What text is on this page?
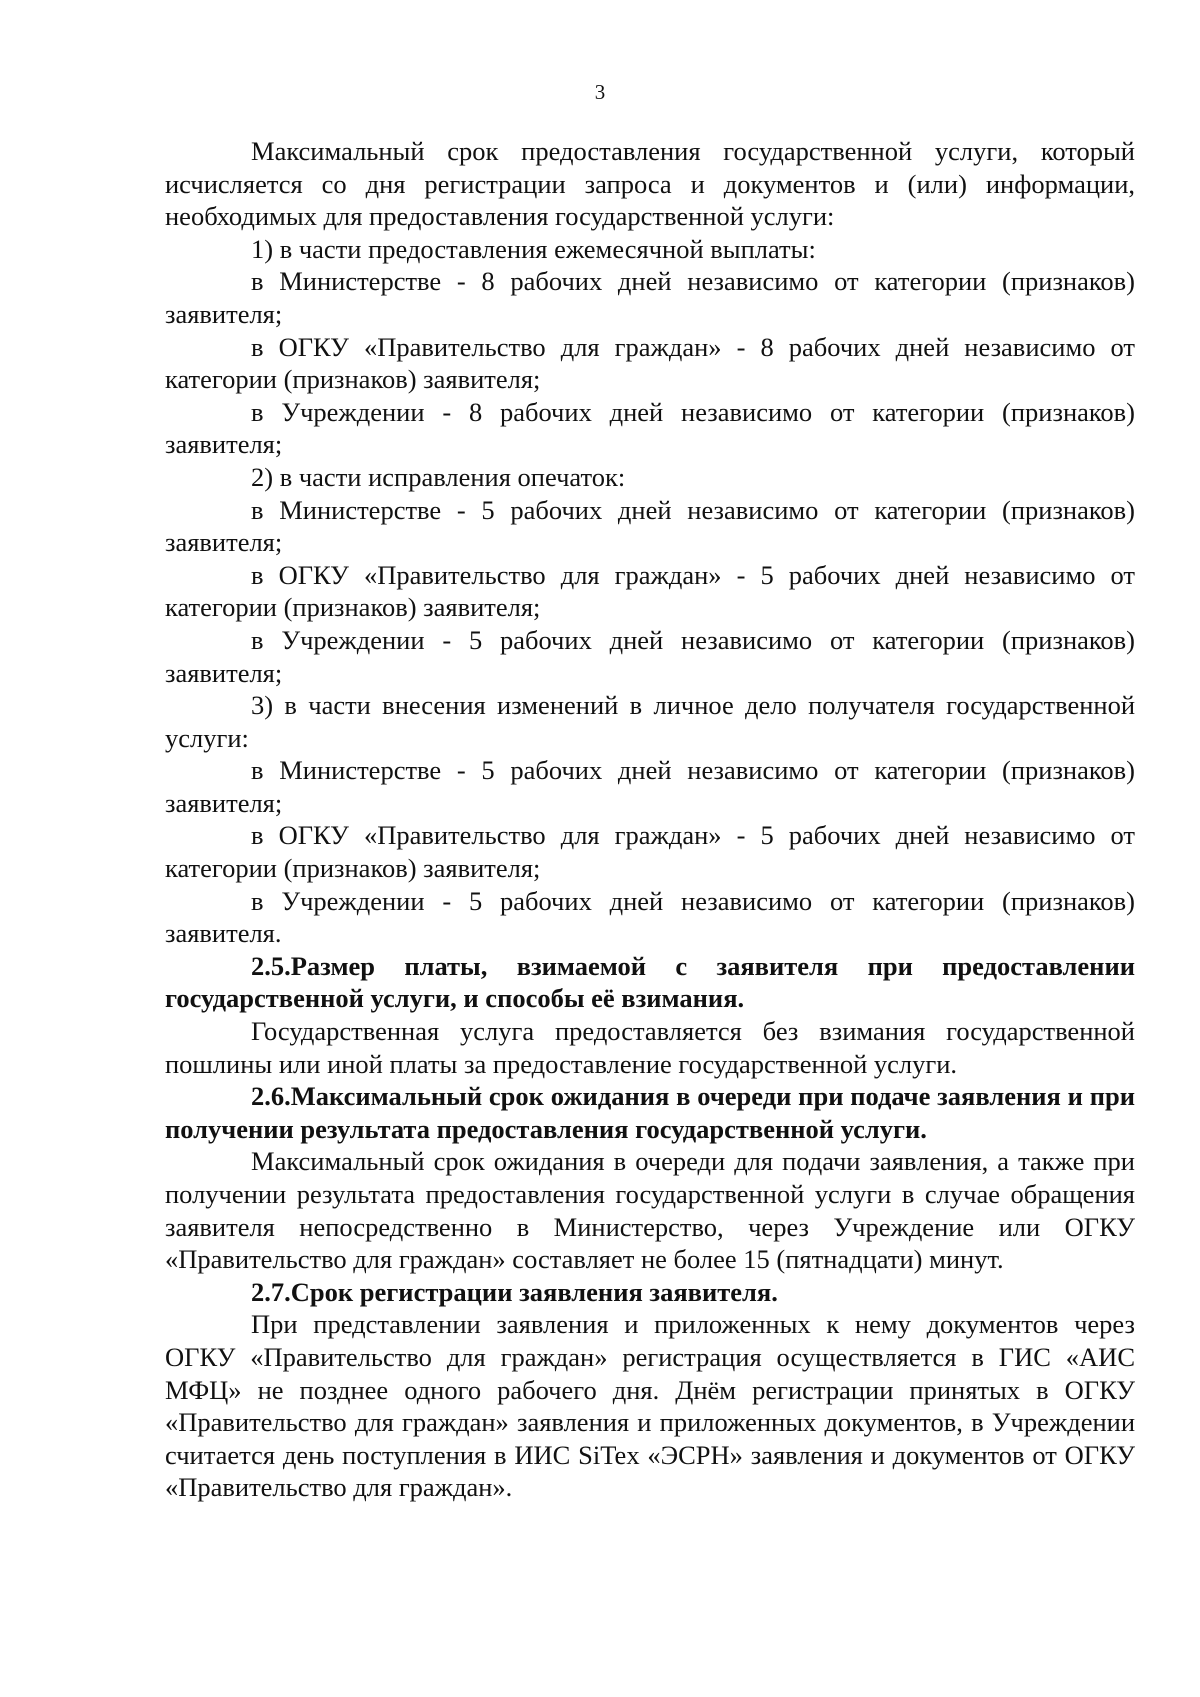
3

Максимальный срок предоставления государственной услуги, который исчисляется со дня регистрации запроса и документов и (или) информации, необходимых для предоставления государственной услуги:

1) в части предоставления ежемесячной выплаты:

в Министерстве - 8 рабочих дней независимо от категории (признаков) заявителя;

в ОГКУ «Правительство для граждан» - 8 рабочих дней независимо от категории (признаков) заявителя;

в Учреждении - 8 рабочих дней независимо от категории (признаков) заявителя;

2) в части исправления опечаток:

в Министерстве - 5 рабочих дней независимо от категории (признаков) заявителя;

в ОГКУ «Правительство для граждан» - 5 рабочих дней независимо от категории (признаков) заявителя;

в Учреждении - 5 рабочих дней независимо от категории (признаков) заявителя;

3) в части внесения изменений в личное дело получателя государственной услуги:

в Министерстве - 5 рабочих дней независимо от категории (признаков) заявителя;

в ОГКУ «Правительство для граждан» - 5 рабочих дней независимо от категории (признаков) заявителя;

в Учреждении - 5 рабочих дней независимо от категории (признаков) заявителя.

2.5.Размер платы, взимаемой с заявителя при предоставлении государственной услуги, и способы её взимания.

Государственная услуга предоставляется без взимания государственной пошлины или иной платы за предоставление государственной услуги.

2.6.Максимальный срок ожидания в очереди при подаче заявления и при получении результата предоставления государственной услуги.

Максимальный срок ожидания в очереди для подачи заявления, а также при получении результата предоставления государственной услуги в случае обращения заявителя непосредственно в Министерство, через Учреждение или ОГКУ «Правительство для граждан» составляет не более 15 (пятнадцати) минут.

2.7.Срок регистрации заявления заявителя.

При представлении заявления и приложенных к нему документов через ОГКУ «Правительство для граждан» регистрация осуществляется в ГИС «АИС МФЦ» не позднее одного рабочего дня. Днём регистрации принятых в ОГКУ «Правительство для граждан» заявления и приложенных документов, в Учреждении считается день поступления в ИИС SiTex «ЭСРН» заявления и документов от ОГКУ «Правительство для граждан».
